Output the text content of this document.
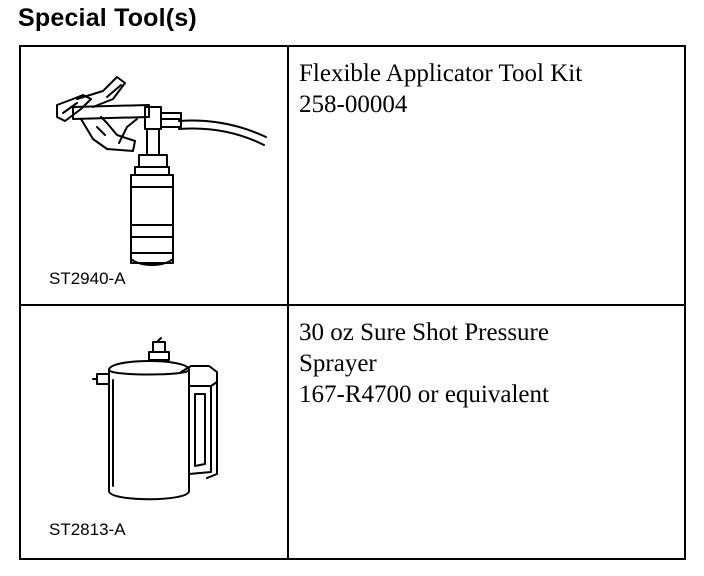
Special Tool(s)
ST2940-A	Flexible Applicator Tool Kit
258-00004

ST2813-A	30 oz Sure Shot Pressure
Sprayer
167-R4700 or equivalent
